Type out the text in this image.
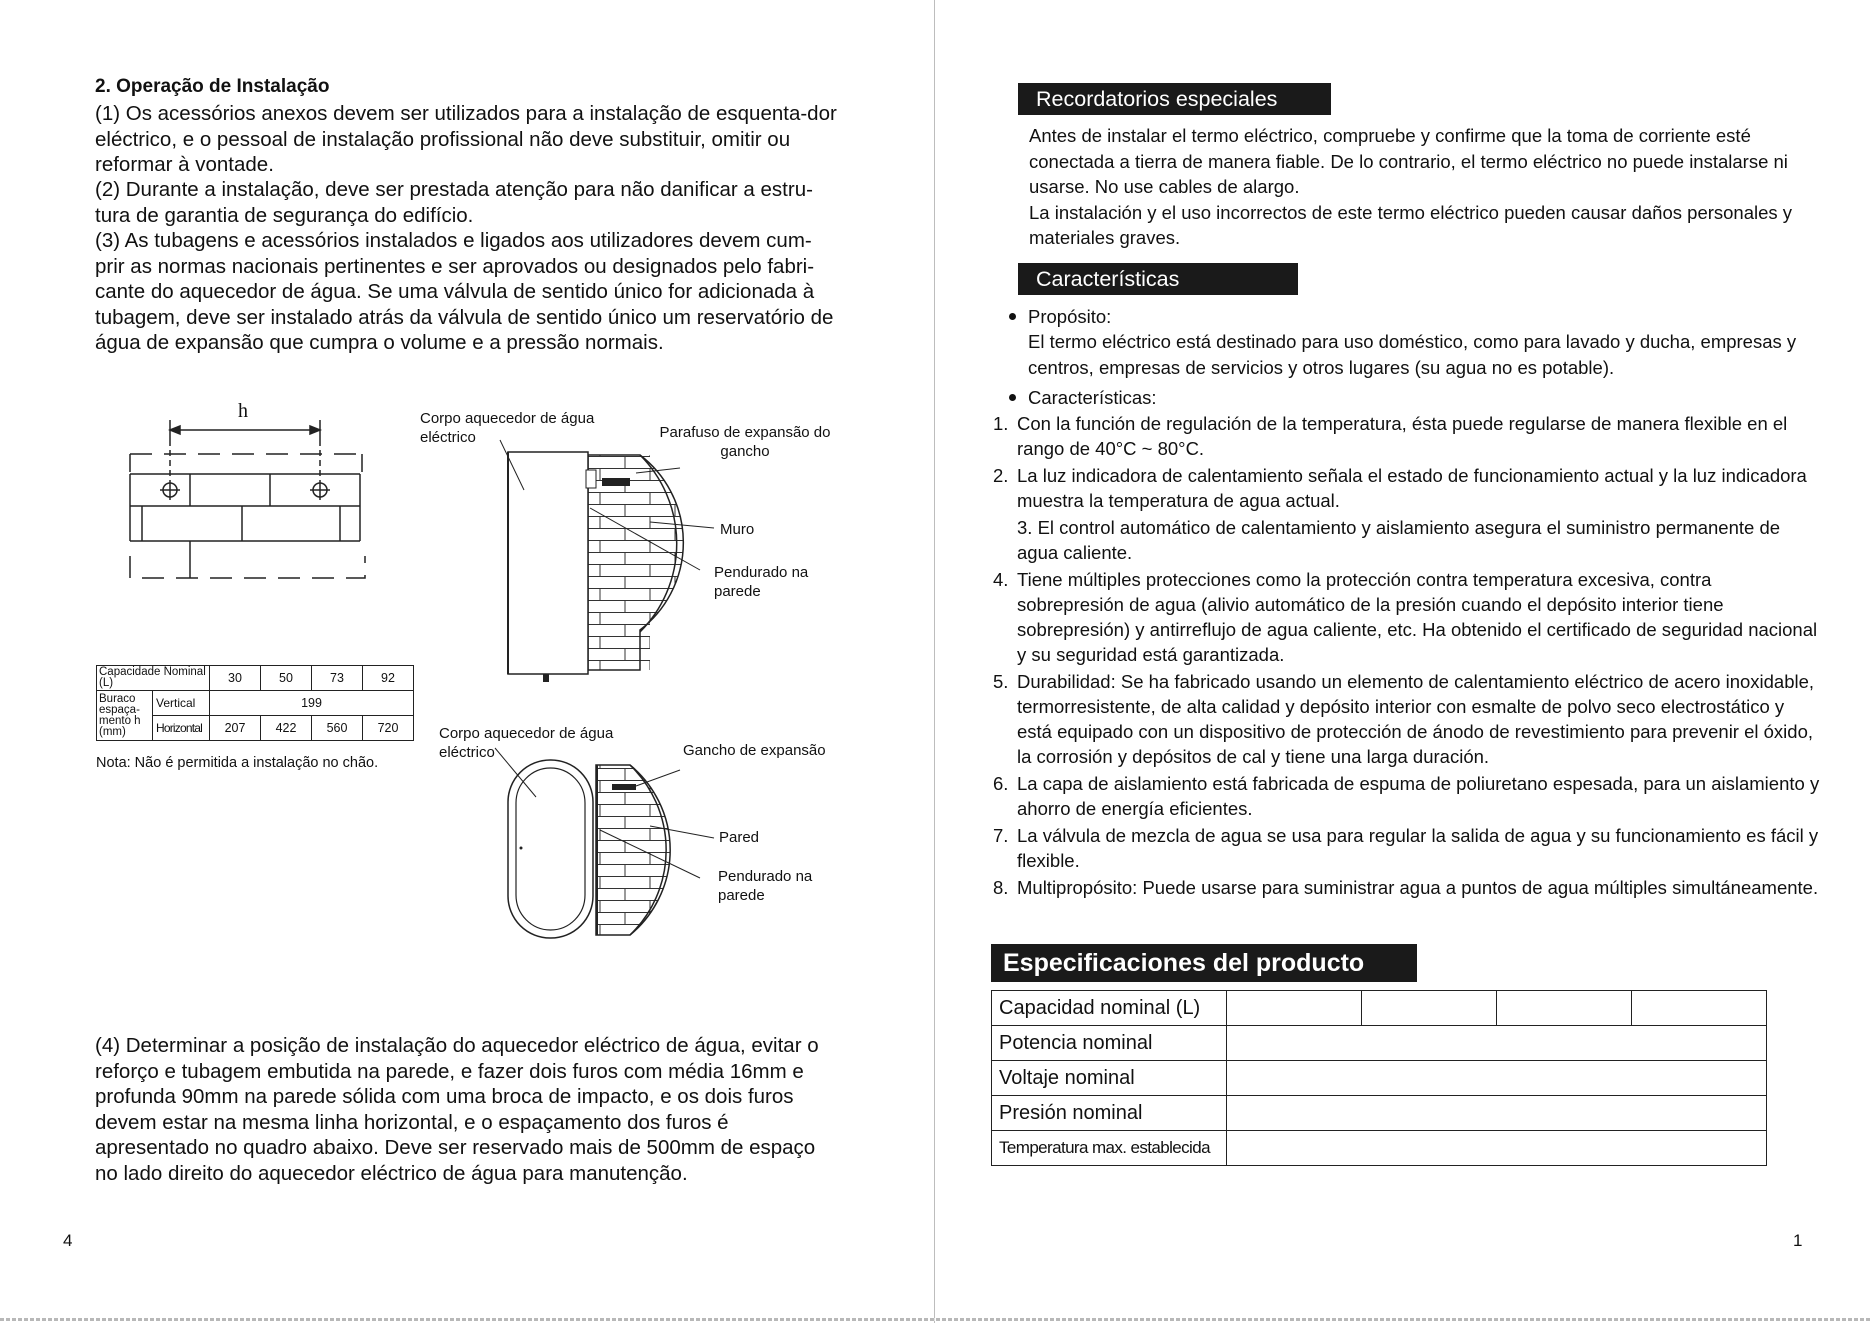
2. Operação de Instalação

(1) Os acessórios anexos devem ser utilizados para a instalação de esquenta-dor eléctrico, e o pessoal de instalação profissional não deve substituir, omitir ou reformar à vontade.

(2) Durante a instalação, deve ser prestada atenção para não danificar a estru-tura de garantia de segurança do edifício.

(3) As tubagens e acessórios instalados e ligados aos utilizadores devem cum-prir as normas nacionais pertinentes e ser aprovados ou designados pelo fabri-cante do aquecedor de água. Se uma válvula de sentido único for adicionada à tubagem, deve ser instalado atrás da válvula de sentido único um reservatório de água de expansão que cumpra o volume e a pressão normais.

h	Corpo aquecedor de água eléctrico	Parafuso de expansão do gancho
Muro
Pendurado na parede
Corpo aquecedor de água eléctrico	Gancho de expansão
Pared
Pendurado na parede
Capacidade Nominal (L)		30	50	73	92
Buraco espaça-mento h (mm)	Vertical	199			
	Horizontal	207	422	560	720
Nota: Não é permitida a instalação no chão.

(4) Determinar a posição de instalação do aquecedor eléctrico de água, evitar o reforço e tubagem embutida na parede, e fazer dois furos com média 16mm e profunda 90mm na parede sólida com uma broca de impacto, e os dois furos devem estar na mesma linha horizontal, e o espaçamento dos furos é apresentado no quadro abaixo. Deve ser reservado mais de 500mm de espaço no lado direito do aquecedor eléctrico de água para manutenção.

4
Recordatorios especiales
Antes de instalar el termo eléctrico, compruebe y confirme que la toma de corriente esté conectada a tierra de manera fiable. De lo contrario, el termo eléctrico no puede instalarse ni usarse. No use cables de alargo.
La instalación y el uso incorrectos de este termo eléctrico pueden causar daños personales y materiales graves.
Características
Propósito:
El termo eléctrico está destinado para uso doméstico, como para lavado y ducha, empresas y centros, empresas de servicios y otros lugares (su agua no es potable).
Características:
1. Con la función de regulación de la temperatura, ésta puede regularse de manera flexible en el rango de 40°C ~ 80°C.
2. La luz indicadora de calentamiento señala el estado de funcionamiento actual y la luz indicadora muestra la temperatura de agua actual.
3. El control automático de calentamiento y aislamiento asegura el suministro permanente de agua caliente.
4. Tiene múltiples protecciones como la protección contra temperatura excesiva, contra sobrepresión de agua (alivio automático de la presión cuando el depósito interior tiene sobrepresión) y antirreflujo de agua caliente, etc. Ha obtenido el certificado de seguridad nacional y su seguridad está garantizada.
5. Durabilidad: Se ha fabricado usando un elemento de calentamiento eléctrico de acero inoxidable, termorresistente, de alta calidad y depósito interior con esmalte de polvo seco electrostático y está equipado con un dispositivo de protección de ánodo de revestimiento para prevenir el óxido, la corrosión y depósitos de cal y tiene una larga duración.
6. La capa de aislamiento está fabricada de espuma de poliuretano espesada, para un aislamiento y ahorro de energía eficientes.
7. La válvula de mezcla de agua se usa para regular la salida de agua y su funcionamiento es fácil y flexible.
8. Multipropósito: Puede usarse para suministrar agua a puntos de agua múltiples simultáneamente.
Especificaciones del producto
Capacidad nominal (L)				
Potencia nominal				
Voltaje nominal				
Presión nominal				
Temperatura max. establecida				
1
